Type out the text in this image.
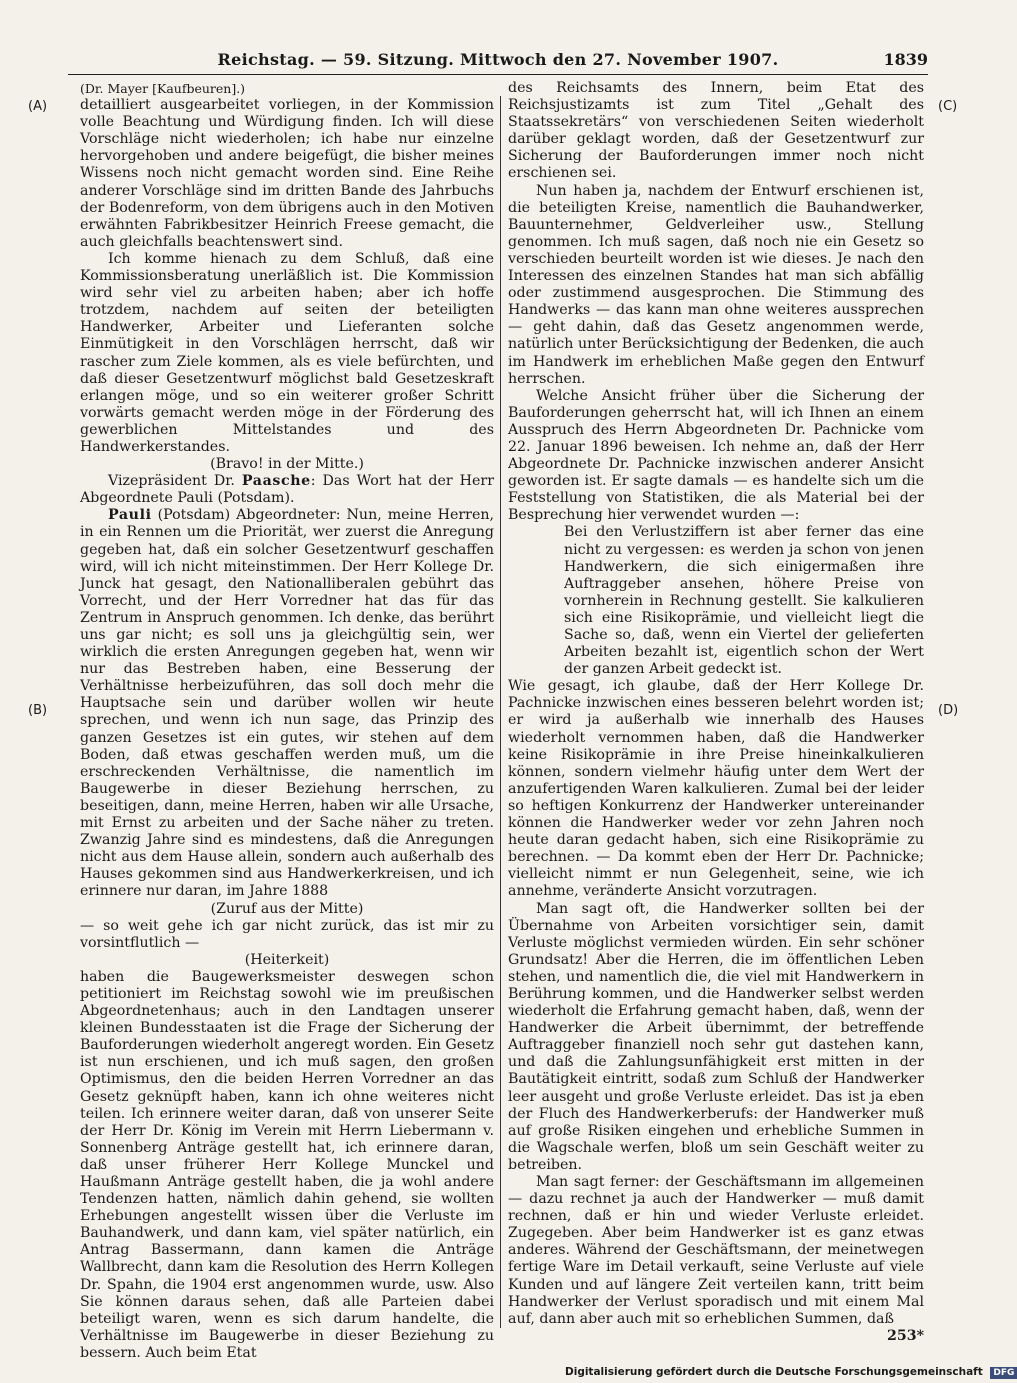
Reichstag. — 59. Sitzung. Mittwoch den 27. November 1907.	1839
(A)
(B)
(C)
(D)

(Dr. Mayer [Kaufbeuren].)

detailliert ausgearbeitet vorliegen, in der Kommission volle Beachtung und Würdigung finden. Ich will diese Vorschläge nicht wiederholen; ich habe nur einzelne hervorgehoben und andere beigefügt, die bisher meines Wissens noch nicht gemacht worden sind. Eine Reihe anderer Vorschläge sind im dritten Bande des Jahrbuchs der Bodenreform, von dem übrigens auch in den Motiven erwähnten Fabrikbesitzer Heinrich Freese gemacht, die auch gleichfalls beachtenswert sind.

Ich komme hienach zu dem Schluß, daß eine Kommissionsberatung unerläßlich ist. Die Kommission wird sehr viel zu arbeiten haben; aber ich hoffe trotzdem, nachdem auf seiten der beteiligten Handwerker, Arbeiter und Lieferanten solche Einmütigkeit in den Vorschlägen herrscht, daß wir rascher zum Ziele kommen, als es viele befürchten, und daß dieser Gesetzentwurf möglichst bald Gesetzeskraft erlangen möge, und so ein weiterer großer Schritt vorwärts gemacht werden möge in der Förderung des gewerblichen Mittelstandes und des Handwerkerstandes.

(Bravo! in der Mitte.)

Vizepräsident Dr. Paasche: Das Wort hat der Herr Abgeordnete Pauli (Potsdam).

Pauli (Potsdam) Abgeordneter: Nun, meine Herren, in ein Rennen um die Priorität, wer zuerst die Anregung gegeben hat, daß ein solcher Gesetzentwurf geschaffen wird, will ich nicht miteinstimmen. Der Herr Kollege Dr. Junck hat gesagt, den Nationalliberalen gebührt das Vorrecht, und der Herr Vorredner hat das für das Zentrum in Anspruch genommen. Ich denke, das berührt uns gar nicht; es soll uns ja gleichgültig sein, wer wirklich die ersten Anregungen gegeben hat, wenn wir nur das Bestreben haben, eine Besserung der Verhältnisse herbeizuführen, das soll doch mehr die Hauptsache sein und darüber wollen wir heute sprechen, und wenn ich nun sage, das Prinzip des ganzen Gesetzes ist ein gutes, wir stehen auf dem Boden, daß etwas geschaffen werden muß, um die erschreckenden Verhältnisse, die namentlich im Baugewerbe in dieser Beziehung herrschen, zu beseitigen, dann, meine Herren, haben wir alle Ursache, mit Ernst zu arbeiten und der Sache näher zu treten. Zwanzig Jahre sind es mindestens, daß die Anregungen nicht aus dem Hause allein, sondern auch außerhalb des Hauses gekommen sind aus Handwerkerkreisen, und ich erinnere nur daran, im Jahre 1888

(Zuruf aus der Mitte)

— so weit gehe ich gar nicht zurück, das ist mir zu vorsintflutlich —

(Heiterkeit)

haben die Baugewerksmeister deswegen schon petitioniert im Reichstag sowohl wie im preußischen Abgeordnetenhaus; auch in den Landtagen unserer kleinen Bundesstaaten ist die Frage der Sicherung der Bauforderungen wiederholt angeregt worden. Ein Gesetz ist nun erschienen, und ich muß sagen, den großen Optimismus, den die beiden Herren Vorredner an das Gesetz geknüpft haben, kann ich ohne weiteres nicht teilen. Ich erinnere weiter daran, daß von unserer Seite der Herr Dr. König im Verein mit Herrn Liebermann v. Sonnenberg Anträge gestellt hat, ich erinnere daran, daß unser früherer Herr Kollege Munckel und Haußmann Anträge gestellt haben, die ja wohl andere Tendenzen hatten, nämlich dahin gehend, sie wollten Erhebungen angestellt wissen über die Verluste im Bauhandwerk, und dann kam, viel später natürlich, ein Antrag Bassermann, dann kamen die Anträge Wallbrecht, dann kam die Resolution des Herrn Kollegen Dr. Spahn, die 1904 erst angenommen wurde, usw. Also Sie können daraus sehen, daß alle Parteien dabei beteiligt waren, wenn es sich darum handelte, die Verhältnisse im Baugewerbe in dieser Beziehung zu bessern. Auch beim Etat

des Reichsamts des Innern, beim Etat des Reichsjustizamts ist zum Titel „Gehalt des Staatssekretärs“ von verschiedenen Seiten wiederholt darüber geklagt worden, daß der Gesetzentwurf zur Sicherung der Bauforderungen immer noch nicht erschienen sei.

Nun haben ja, nachdem der Entwurf erschienen ist, die beteiligten Kreise, namentlich die Bauhandwerker, Bauunternehmer, Geldverleiher usw., Stellung genommen. Ich muß sagen, daß noch nie ein Gesetz so verschieden beurteilt worden ist wie dieses. Je nach den Interessen des einzelnen Standes hat man sich abfällig oder zustimmend ausgesprochen. Die Stimmung des Handwerks — das kann man ohne weiteres aussprechen — geht dahin, daß das Gesetz angenommen werde, natürlich unter Berücksichtigung der Bedenken, die auch im Handwerk im erheblichen Maße gegen den Entwurf herrschen.

Welche Ansicht früher über die Sicherung der Bauforderungen geherrscht hat, will ich Ihnen an einem Ausspruch des Herrn Abgeordneten Dr. Pachnicke vom 22. Januar 1896 beweisen. Ich nehme an, daß der Herr Abgeordnete Dr. Pachnicke inzwischen anderer Ansicht geworden ist. Er sagte damals — es handelte sich um die Feststellung von Statistiken, die als Material bei der Besprechung hier verwendet wurden —:

Bei den Verlustziffern ist aber ferner das eine nicht zu vergessen: es werden ja schon von jenen Handwerkern, die sich einigermaßen ihre Auftraggeber ansehen, höhere Preise von vornherein in Rechnung gestellt. Sie kalkulieren sich eine Risikoprämie, und vielleicht liegt die Sache so, daß, wenn ein Viertel der gelieferten Arbeiten bezahlt ist, eigentlich schon der Wert der ganzen Arbeit gedeckt ist.

Wie gesagt, ich glaube, daß der Herr Kollege Dr. Pachnicke inzwischen eines besseren belehrt worden ist; er wird ja außerhalb wie innerhalb des Hauses wiederholt vernommen haben, daß die Handwerker keine Risikoprämie in ihre Preise hineinkalkulieren können, sondern vielmehr häufig unter dem Wert der anzufertigenden Waren kalkulieren. Zumal bei der leider so heftigen Konkurrenz der Handwerker untereinander können die Handwerker weder vor zehn Jahren noch heute daran gedacht haben, sich eine Risikoprämie zu berechnen. — Da kommt eben der Herr Dr. Pachnicke; vielleicht nimmt er nun Gelegenheit, seine, wie ich annehme, veränderte Ansicht vorzutragen.

Man sagt oft, die Handwerker sollten bei der Übernahme von Arbeiten vorsichtiger sein, damit Verluste möglichst vermieden würden. Ein sehr schöner Grundsatz! Aber die Herren, die im öffentlichen Leben stehen, und namentlich die, die viel mit Handwerkern in Berührung kommen, und die Handwerker selbst werden wiederholt die Erfahrung gemacht haben, daß, wenn der Handwerker die Arbeit übernimmt, der betreffende Auftraggeber finanziell noch sehr gut dastehen kann, und daß die Zahlungsunfähigkeit erst mitten in der Bautätigkeit eintritt, sodaß zum Schluß der Handwerker leer ausgeht und große Verluste erleidet. Das ist ja eben der Fluch des Handwerkerberufs: der Handwerker muß auf große Risiken eingehen und erhebliche Summen in die Wagschale werfen, bloß um sein Geschäft weiter zu betreiben.

Man sagt ferner: der Geschäftsmann im allgemeinen — dazu rechnet ja auch der Handwerker — muß damit rechnen, daß er hin und wieder Verluste erleidet. Zugegeben. Aber beim Handwerker ist es ganz etwas anderes. Während der Geschäftsmann, der meinetwegen fertige Ware im Detail verkauft, seine Verluste auf viele Kunden und auf längere Zeit verteilen kann, tritt beim Handwerker der Verlust sporadisch und mit einem Mal auf, dann aber auch mit so erheblichen Summen, daß

253*

Digitalisierung gefördert durch die Deutsche Forschungsgemeinschaft DFG
